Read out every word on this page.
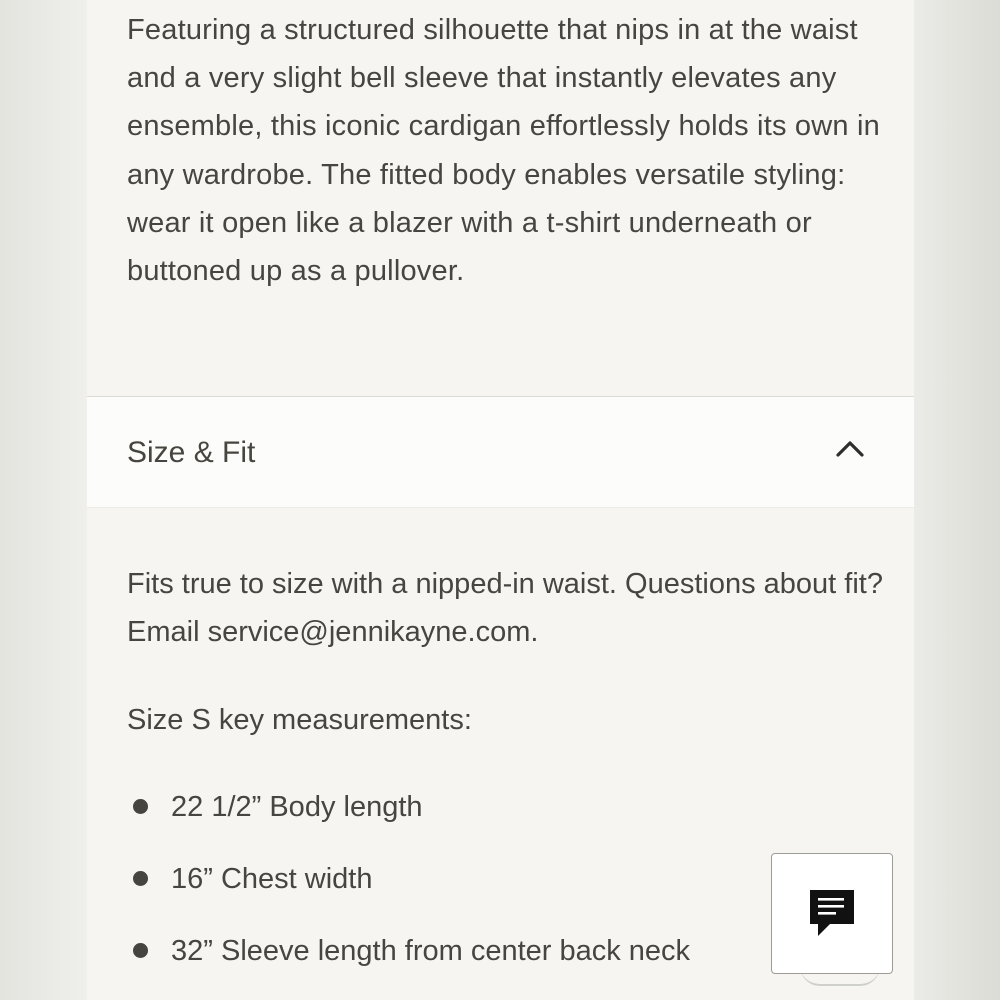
Featuring a structured silhouette that nips in at the waist and a very slight bell sleeve that instantly elevates any ensemble, this iconic cardigan effortlessly holds its own in any wardrobe. The fitted body enables versatile styling: wear it open like a blazer with a t-shirt underneath or buttoned up as a pullover.

Size & Fit

Fits true to size with a nipped-in waist. Questions about fit? Email service@jennikayne.com.

Size S key measurements:

22 1/2” Body length
16” Chest width
32” Sleeve length from center back neck
